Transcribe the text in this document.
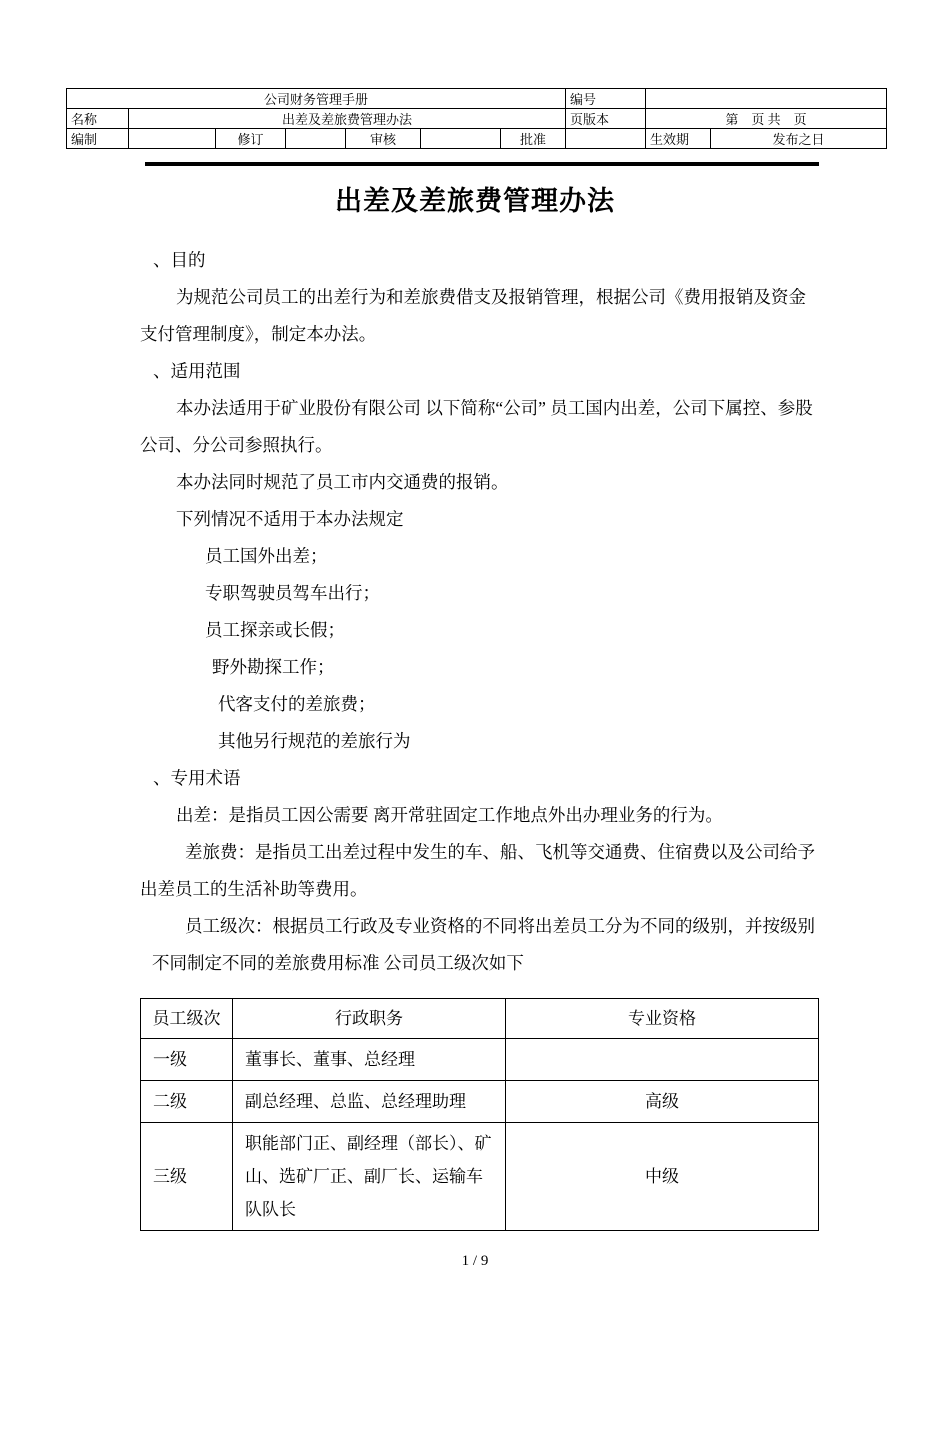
公司财务管理手册							编号		
名称	出差及差旅费管理办法						页版本	第　页 共　页	
编制		修订		审核		批准		生效期	发布之日
出差及差旅费管理办法

、目的

为规范公司员工的出差行为和差旅费借支及报销管理，根据公司《费用报销及资金支付管理制度》，制定本办法。

、适用范围

本办法适用于矿业股份有限公司 以下简称“公司” 员工国内出差，公司下属控、参股公司、分公司参照执行。

本办法同时规范了员工市内交通费的报销。

下列情况不适用于本办法规定

员工国外出差；

专职驾驶员驾车出行；

员工探亲或长假；

野外勘探工作；

代客支付的差旅费；

其他另行规范的差旅行为

、专用术语

出差：是指员工因公需要 离开常驻固定工作地点外出办理业务的行为。

差旅费：是指员工出差过程中发生的车、船、飞机等交通费、住宿费以及公司给予出差员工的生活补助等费用。

员工级次：根据员工行政及专业资格的不同将出差员工分为不同的级别，并按级别不同制定不同的差旅费用标准 公司员工级次如下

员工级次	行政职务	专业资格
一级	董事长、董事、总经理	
二级	副总经理、总监、总经理助理	高级
三级	职能部门正、副经理（部长）、矿山、选矿厂正、副厂长、运输车队队长	中级
1 / 9
